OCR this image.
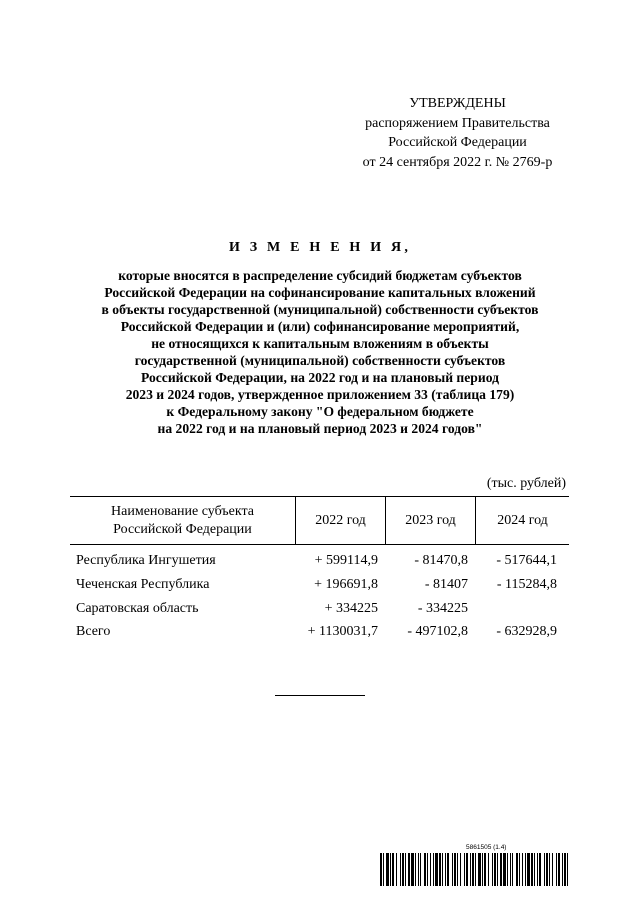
УТВЕРЖДЕНЫ
распоряжением Правительства
Российской Федерации
от 24 сентября 2022 г. № 2769-р
И З М Е Н Е Н И Я,
которые вносятся в распределение субсидий бюджетам субъектов
Российской Федерации на софинансирование капитальных вложений
в объекты государственной (муниципальной) собственности субъектов
Российской Федерации и (или) софинансирование мероприятий,
не относящихся к капитальным вложениям в объекты
государственной (муниципальной) собственности субъектов
Российской Федерации, на 2022 год и на плановый период
2023 и 2024 годов, утвержденное приложением 33 (таблица 179)
к Федеральному закону "О федеральном бюджете
на 2022 год и на плановый период 2023 и 2024 годов"
(тыс. рублей)
Наименование субъекта
Российской Федерации
2022 год	2023 год	2024 год
Республика Ингушетия	+ 599114,9	- 81470,8	- 517644,1
Чеченская Республика	+ 196691,8	- 81407	- 115284,8
Саратовская область	+ 334225	- 334225
Всего	+ 1130031,7	- 497102,8	- 632928,9
5861505 (1.4)
